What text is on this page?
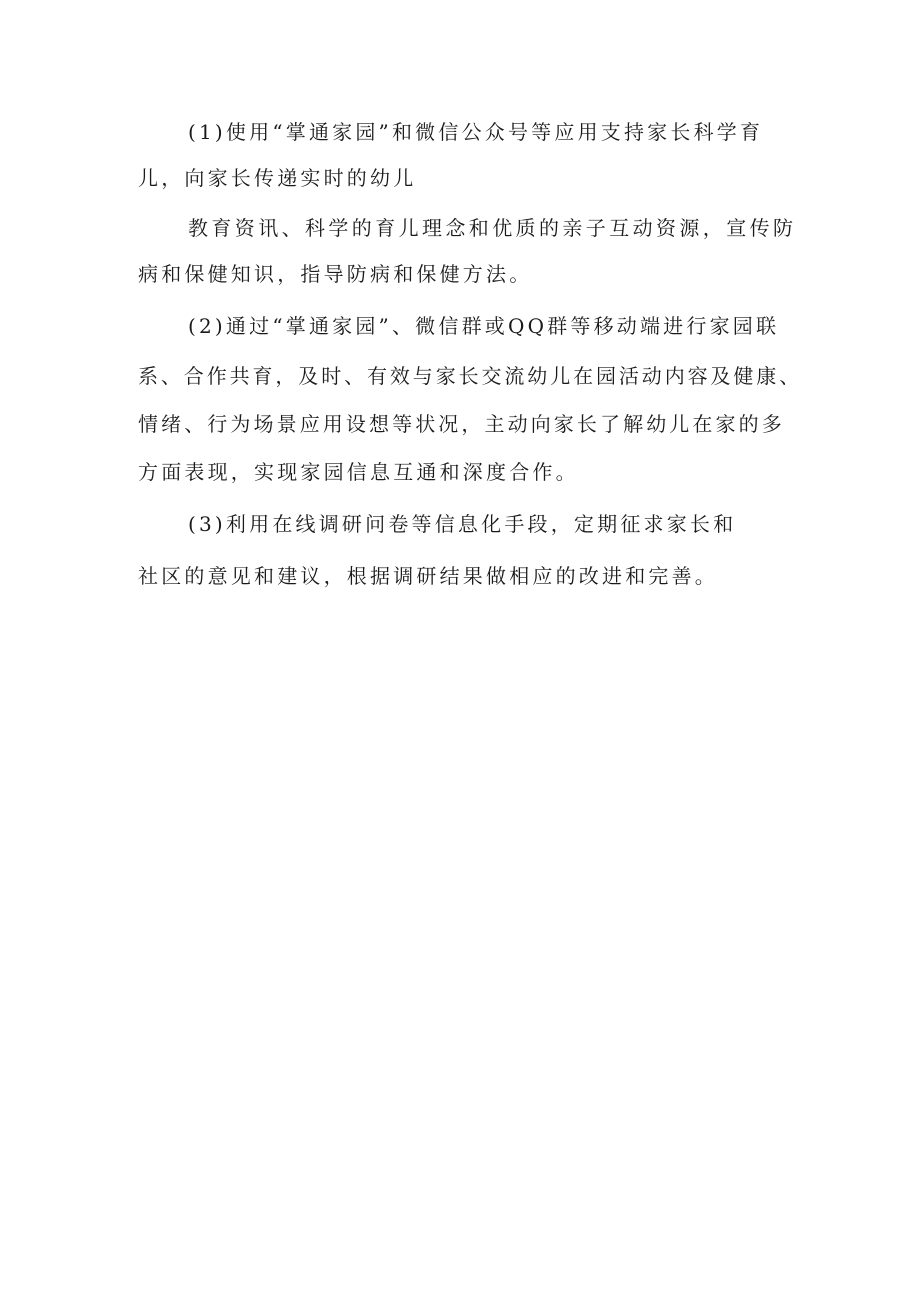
(1)使用“掌通家园”和微信公众号等应用支持家长科学育

儿，向家长传递实时的幼儿

教育资讯、科学的育儿理念和优质的亲子互动资源，宣传防

病和保健知识，指导防病和保健方法。

(2)通过“掌通家园”、微信群或QQ群等移动端进行家园联

系、合作共育，及时、有效与家长交流幼儿在园活动内容及健康、

情绪、行为场景应用设想等状况，主动向家长了解幼儿在家的多

方面表现，实现家园信息互通和深度合作。

(3)利用在线调研问卷等信息化手段，定期征求家长和

社区的意见和建议，根据调研结果做相应的改进和完善。
